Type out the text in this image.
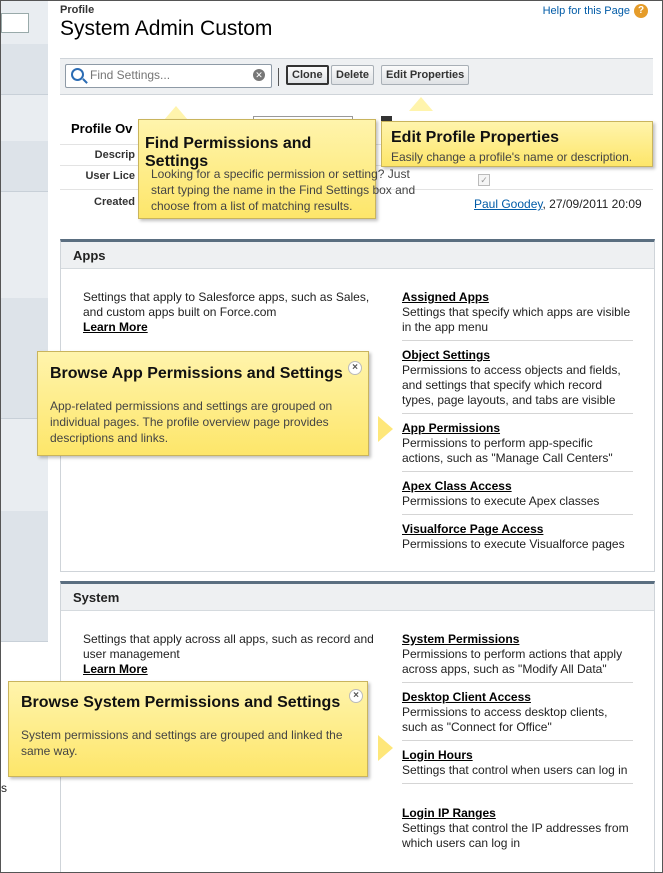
s
Profile
System Admin Custom
Help for this Page ?
Find Settings...
✕	Clone	Delete	Edit Properties
Profile Ov
Descrip
User Lice	✓
Created	Paul Goodey, 27/09/2011 20:09
Apps
Settings that apply to Salesforce apps, such as Sales, and custom apps built on Force.com
Learn More
Assigned Apps
Settings that specify which apps are visible in the app menu
Object Settings
Permissions to access objects and fields, and settings that specify which record types, page layouts, and tabs are visible
App Permissions
Permissions to perform app-specific actions, such as "Manage Call Centers"
Apex Class Access
Permissions to execute Apex classes
Visualforce Page Access
Permissions to execute Visualforce pages
System
Settings that apply across all apps, such as record and user management
Learn More
System Permissions
Permissions to perform actions that apply across apps, such as "Modify All Data"
Desktop Client Access
Permissions to access desktop clients, such as "Connect for Office"
Login Hours
Settings that control when users can log in
Login IP Ranges
Settings that control the IP addresses from which users can log in
Find Permissions and Settings

Looking for a specific permission or setting? Just start typing the name in the Find Settings box and choose from a list of matching results.

Edit Profile Properties

Easily change a profile's name or description.

Browse App Permissions and Settings ×

App-related permissions and settings are grouped on individual pages. The profile overview page provides descriptions and links.

Browse System Permissions and Settings	×

System permissions and settings are grouped and linked the same way.
